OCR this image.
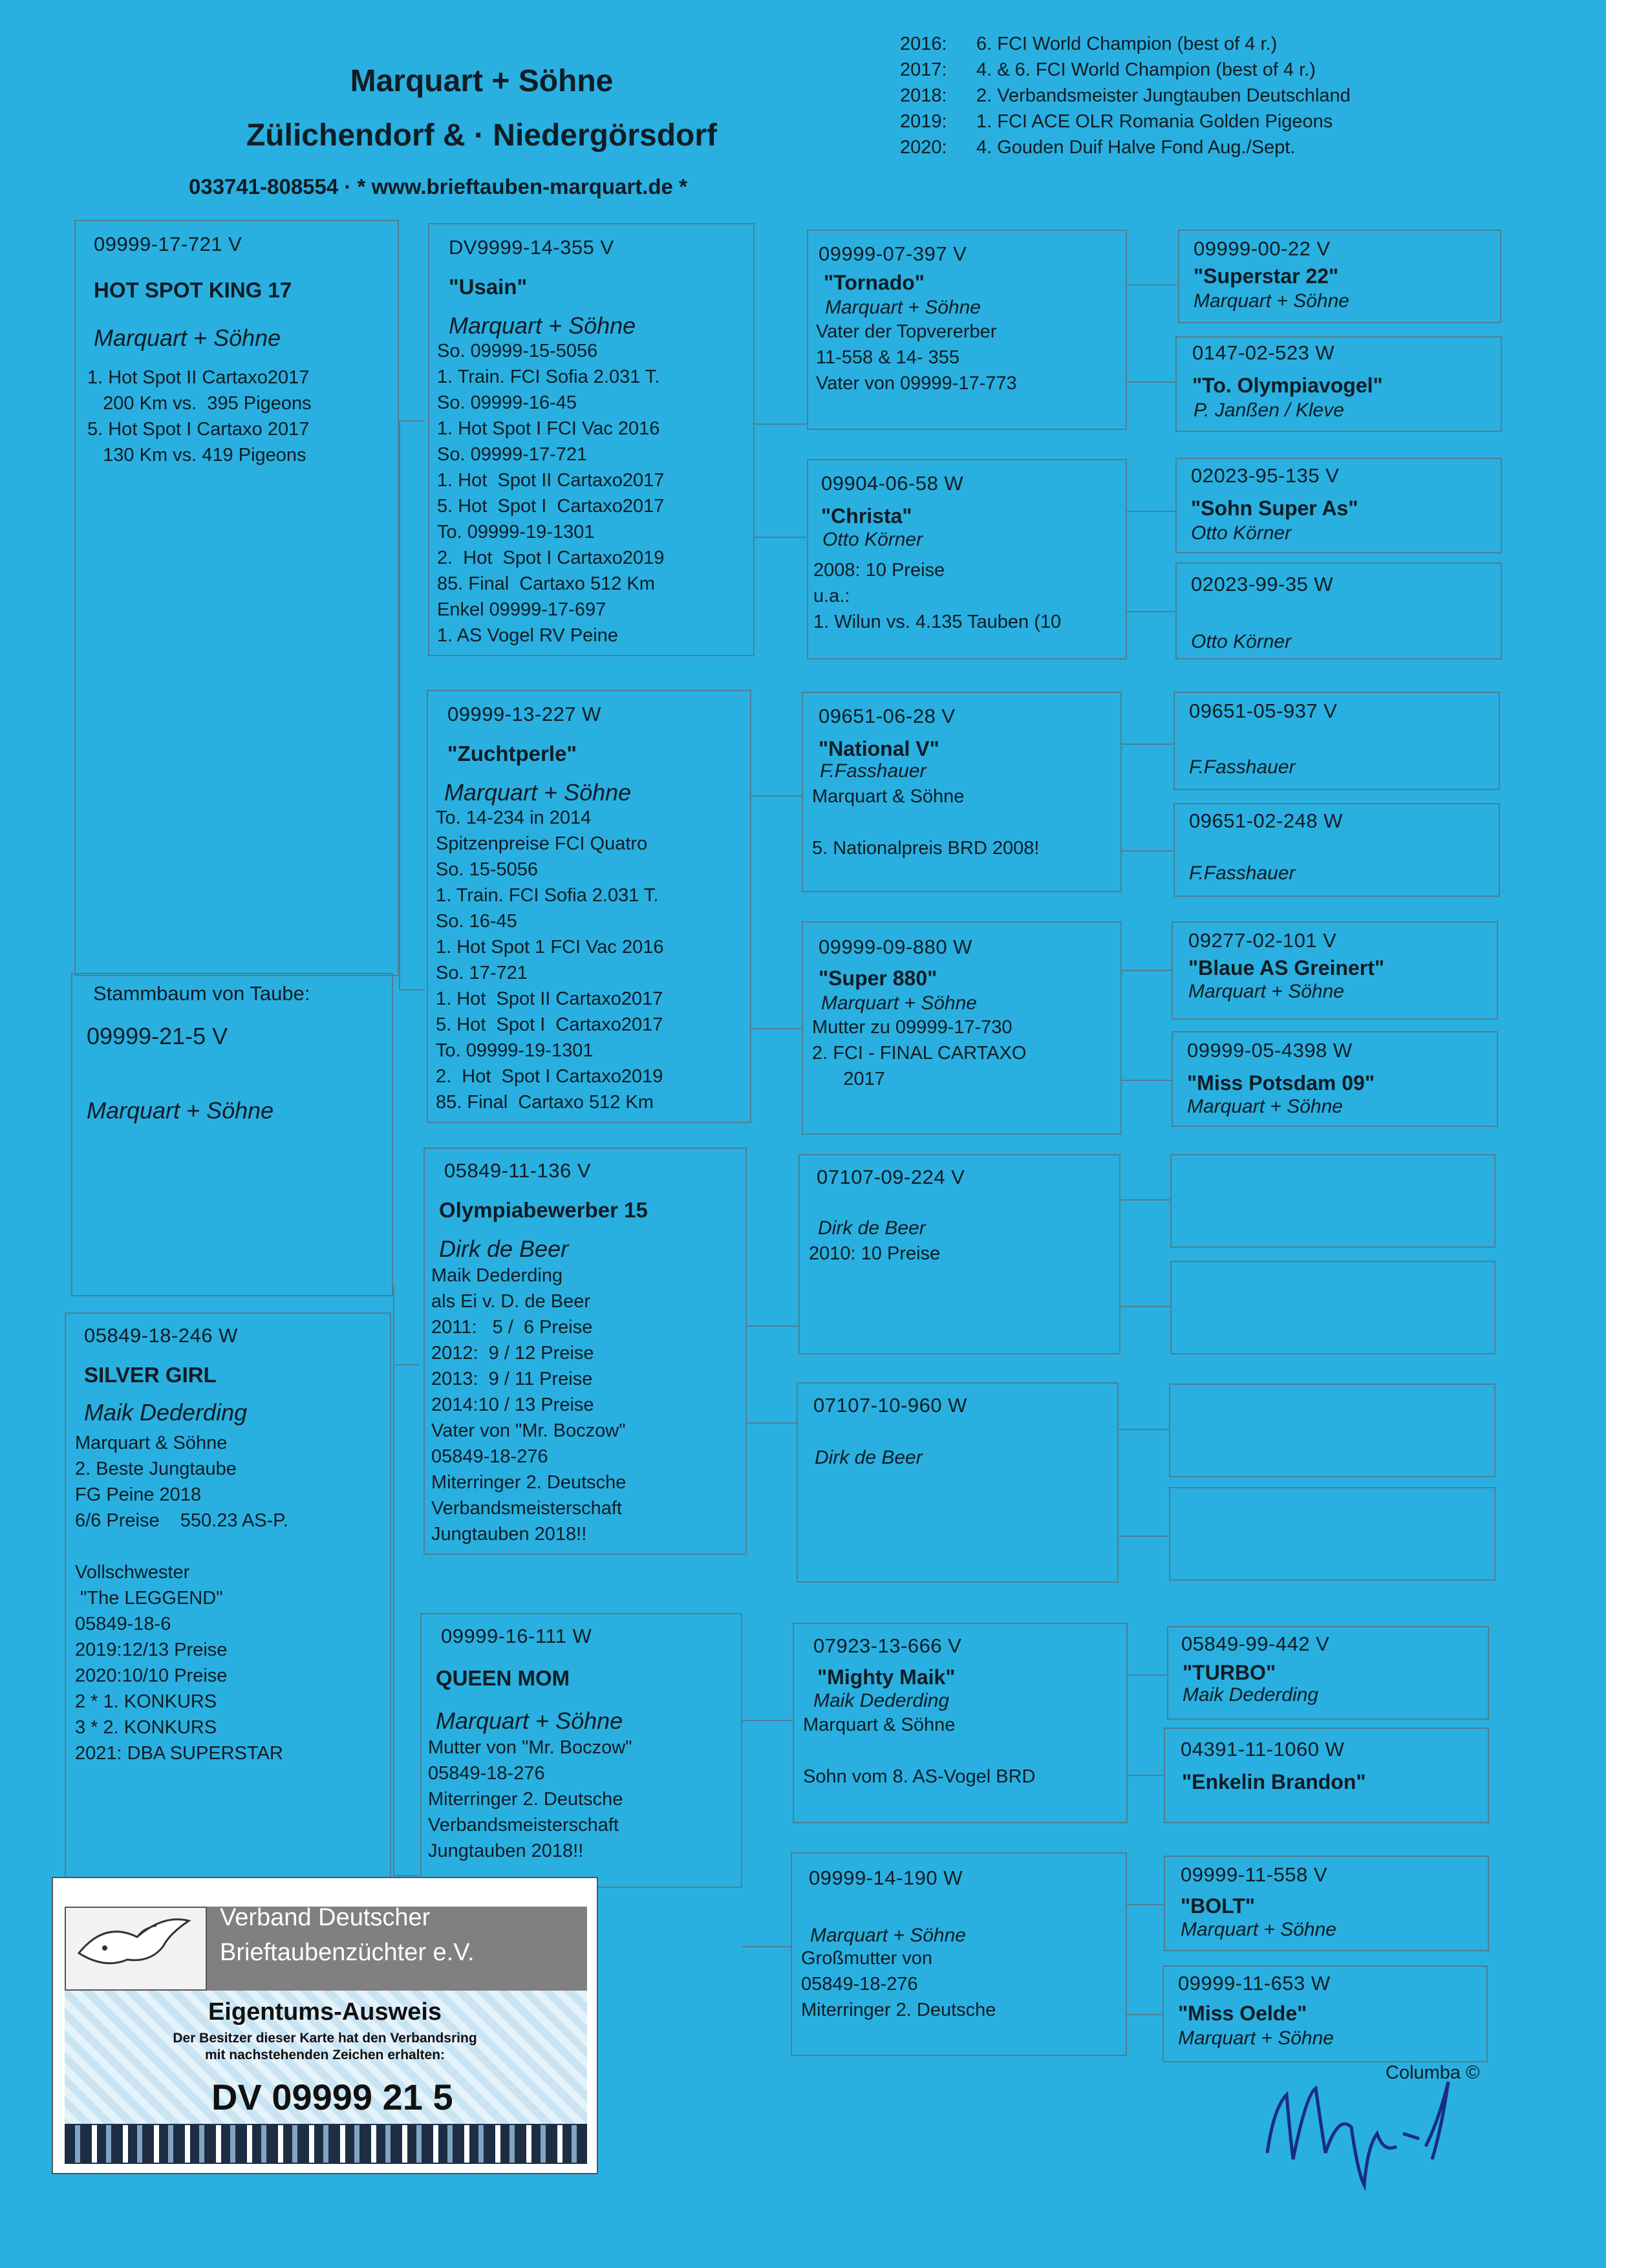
Marquart + Söhne
Zülichendorf & · Niedergörsdorf
033741-808554 · * www.brieftauben-marquart.de *
2016: 6. FCI World Champion (best of 4 r.)
2017: 4. & 6. FCI World Champion (best of 4 r.)
2018: 2. Verbandsmeister Jungtauben Deutschland
2019: 1. FCI ACE OLR Romania Golden Pigeons
2020: 4. Gouden Duif Halve Fond Aug./Sept.
09999-17-721 V
HOT SPOT KING 17
Marquart + Söhne
1. Hot Spot II Cartaxo2017
200 Km vs.  395 Pigeons
5. Hot Spot I Cartaxo 2017
130 Km vs. 419 Pigeons
Stammbaum von Taube:
09999-21-5 V
Marquart + Söhne
05849-18-246 W
SILVER GIRL
Maik Dederding
Marquart & Söhne
2. Beste Jungtaube
FG Peine 2018
6/6 Preise    550.23 AS-P.
Vollschwester
"The LEGGEND"
05849-18-6
2019:12/13 Preise
2020:10/10 Preise
2 * 1. KONKURS
3 * 2. KONKURS
2021: DBA SUPERSTAR
DV9999-14-355 V
"Usain"
Marquart + Söhne
So. 09999-15-5056
1. Train. FCI Sofia 2.031 T.
So. 09999-16-45
1. Hot Spot I FCI Vac 2016
So. 09999-17-721
1. Hot  Spot II Cartaxo2017
5. Hot  Spot I  Cartaxo2017
To. 09999-19-1301
2.  Hot  Spot I Cartaxo2019
85. Final  Cartaxo 512 Km
Enkel 09999-17-697
1. AS Vogel RV Peine
09999-13-227 W
"Zuchtperle"
Marquart + Söhne
To. 14-234 in 2014
Spitzenpreise FCI Quatro
So. 15-5056
1. Train. FCI Sofia 2.031 T.
So. 16-45
1. Hot Spot 1 FCI Vac 2016
So. 17-721
1. Hot  Spot II Cartaxo2017
5. Hot  Spot I  Cartaxo2017
To. 09999-19-1301
2.  Hot  Spot I Cartaxo2019
85. Final  Cartaxo 512 Km
05849-11-136 V
Olympiabewerber 15
Dirk de Beer
Maik Dederding
als Ei v. D. de Beer
2011:   5 /  6 Preise
2012:  9 / 12 Preise
2013:  9 / 11 Preise
2014:10 / 13 Preise
Vater von "Mr. Boczow"
05849-18-276
Miterringer 2. Deutsche
Verbandsmeisterschaft
Jungtauben 2018!!
09999-16-111 W
QUEEN MOM
Marquart + Söhne
Mutter von "Mr. Boczow"
05849-18-276
Miterringer 2. Deutsche
Verbandsmeisterschaft
Jungtauben 2018!!
09999-07-397 V
"Tornado"
Marquart + Söhne
Vater der Topvererber
11-558 & 14- 355
Vater von 09999-17-773
09904-06-58 W
"Christa"
Otto Körner
2008: 10 Preise
u.a.:
1. Wilun vs. 4.135 Tauben (10
09651-06-28 V
"National V"
F.Fasshauer
Marquart & Söhne
5. Nationalpreis BRD 2008!
09999-09-880 W
"Super 880"
Marquart + Söhne
Mutter zu 09999-17-730
2. FCI - FINAL CARTAXO
2017
07107-09-224 V
Dirk de Beer
2010: 10 Preise
07107-10-960 W
Dirk de Beer
07923-13-666 V
"Mighty Maik"
Maik Dederding
Marquart & Söhne
Sohn vom 8. AS-Vogel BRD
09999-14-190 W
Marquart + Söhne
Großmutter von
05849-18-276
Miterringer 2. Deutsche
09999-00-22 V
"Superstar 22"
Marquart + Söhne
0147-02-523 W
"To. Olympiavogel"
P. Janßen / Kleve
02023-95-135 V
"Sohn Super As"
Otto Körner
02023-99-35 W
Otto Körner
09651-05-937 V
F.Fasshauer
09651-02-248 W
F.Fasshauer
09277-02-101 V
"Blaue AS Greinert"
Marquart + Söhne
09999-05-4398 W
"Miss Potsdam 09"
Marquart + Söhne
05849-99-442 V
"TURBO"
Maik Dederding
04391-11-1060 W
"Enkelin Brandon"
09999-11-558 V
"BOLT"
Marquart + Söhne
09999-11-653 W
"Miss Oelde"
Marquart + Söhne
Verband Deutscher
Brieftaubenzüchter e.V.
Eigentums-Ausweis
Der Besitzer dieser Karte hat den Verbandsring
mit nachstehenden Zeichen erhalten:
DV 09999 21 5
Columba ©
